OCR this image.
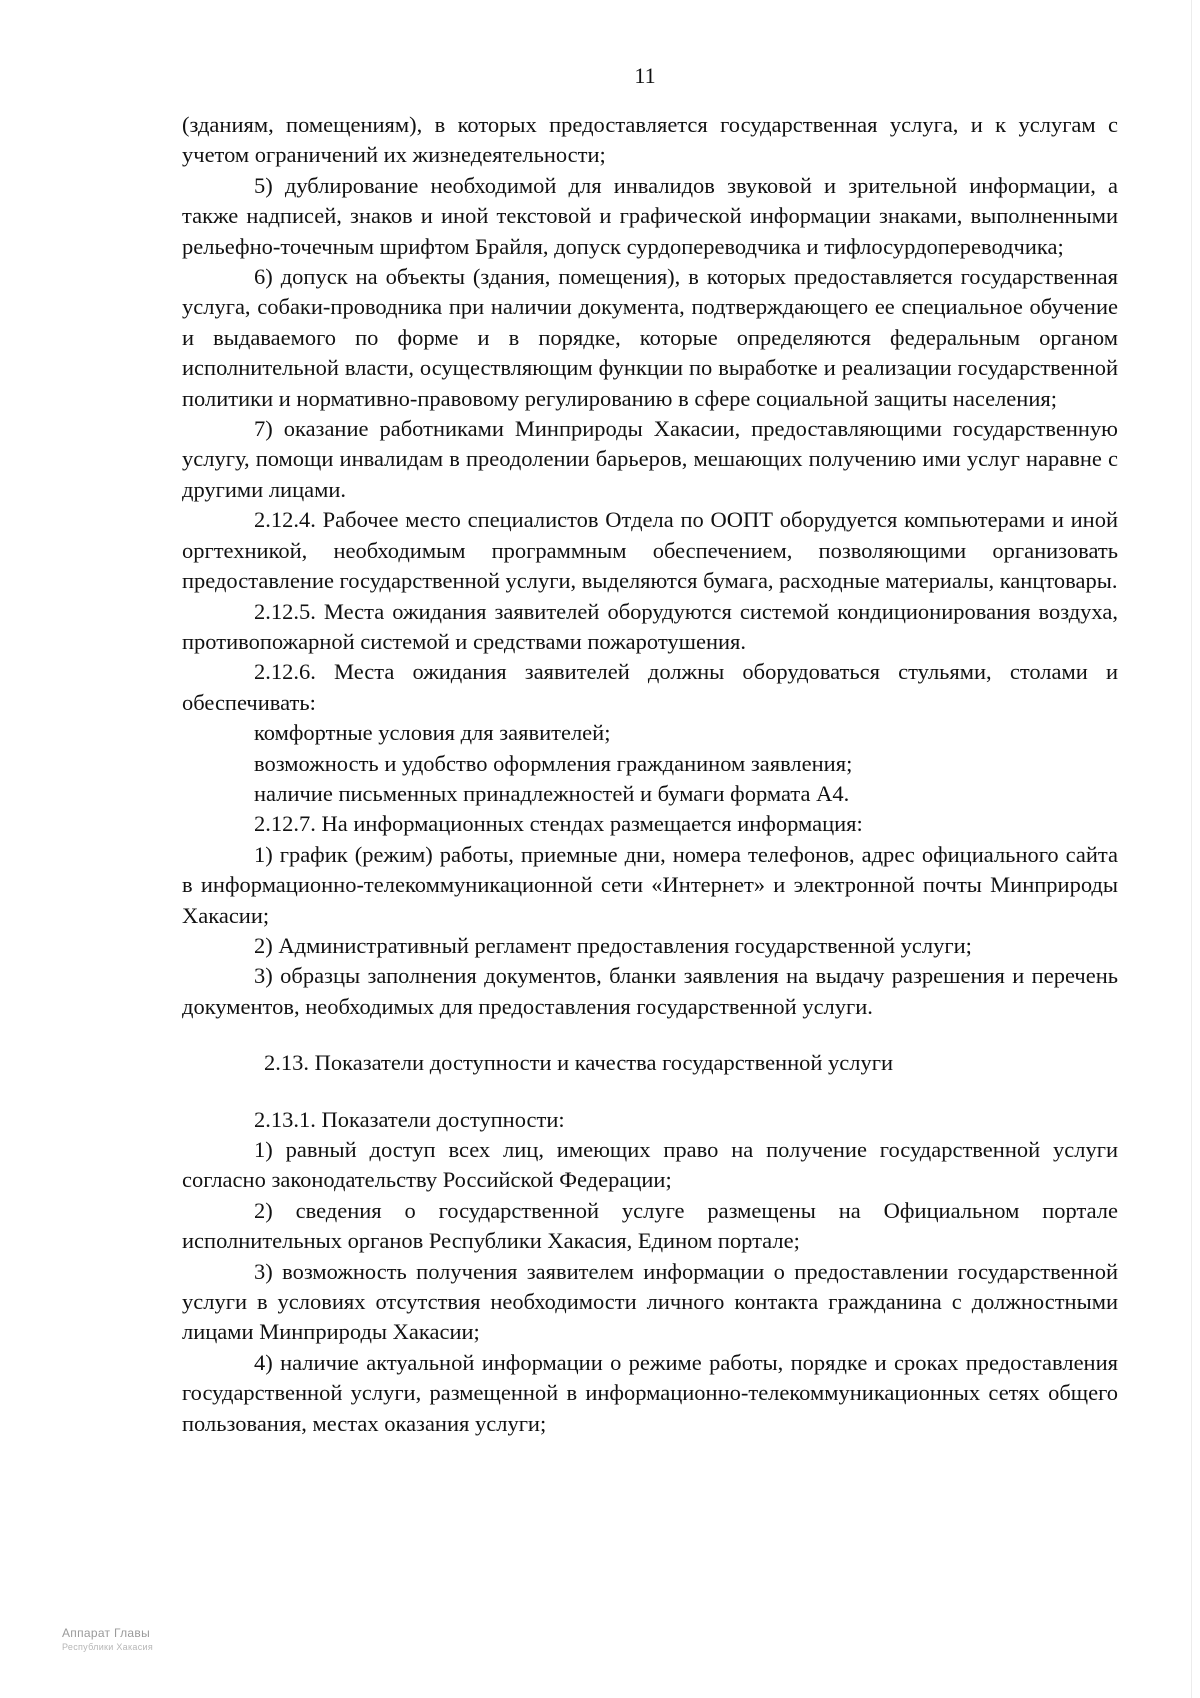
11

(зданиям, помещениям), в которых предоставляется государственная услуга, и к услугам с учетом ограничений их жизнедеятельности;

5) дублирование необходимой для инвалидов звуковой и зрительной информации, а также надписей, знаков и иной текстовой и графической информации знаками, выполненными рельефно-точечным шрифтом Брайля, допуск сурдопереводчика и тифлосурдопереводчика;

6) допуск на объекты (здания, помещения), в которых предоставляется государственная услуга, собаки-проводника при наличии документа, подтверждающего ее специальное обучение и выдаваемого по форме и в порядке, которые определяются федеральным органом исполнительной власти, осуществляющим функции по выработке и реализации государственной политики и нормативно-правовому регулированию в сфере социальной защиты населения;

7) оказание работниками Минприроды Хакасии, предоставляющими государственную услугу, помощи инвалидам в преодолении барьеров, мешающих получению ими услуг наравне с другими лицами.

2.12.4. Рабочее место специалистов Отдела по ООПТ оборудуется компьютерами и иной оргтехникой, необходимым программным обеспечением, позволяющими организовать предоставление государственной услуги, выделяются бумага, расходные материалы, канцтовары.

2.12.5. Места ожидания заявителей оборудуются системой кондиционирования воздуха, противопожарной системой и средствами пожаротушения.

2.12.6. Места ожидания заявителей должны оборудоваться стульями, столами и обеспечивать:

комфортные условия для заявителей;

возможность и удобство оформления гражданином заявления;

наличие письменных принадлежностей и бумаги формата А4.

2.12.7. На информационных стендах размещается информация:

1) график (режим) работы, приемные дни, номера телефонов, адрес официального сайта в информационно-телекоммуникационной сети «Интернет» и электронной почты Минприроды Хакасии;

2) Административный регламент предоставления государственной услуги;

3) образцы заполнения документов, бланки заявления на выдачу разрешения и перечень документов, необходимых для предоставления государственной услуги.

2.13. Показатели доступности и качества государственной услуги

2.13.1. Показатели доступности:

1) равный доступ всех лиц, имеющих право на получение государственной услуги согласно законодательству Российской Федерации;

2) сведения о государственной услуге размещены на Официальном портале исполнительных органов Республики Хакасия, Едином портале;

3) возможность получения заявителем информации о предоставлении государственной услуги в условиях отсутствия необходимости личного контакта гражданина с должностными лицами Минприроды Хакасии;

4) наличие актуальной информации о режиме работы, порядке и сроках предоставления государственной услуги, размещенной в информационно-телекоммуникационных сетях общего пользования, местах оказания услуги;

Аппарат Главы
Республики Хакасия
